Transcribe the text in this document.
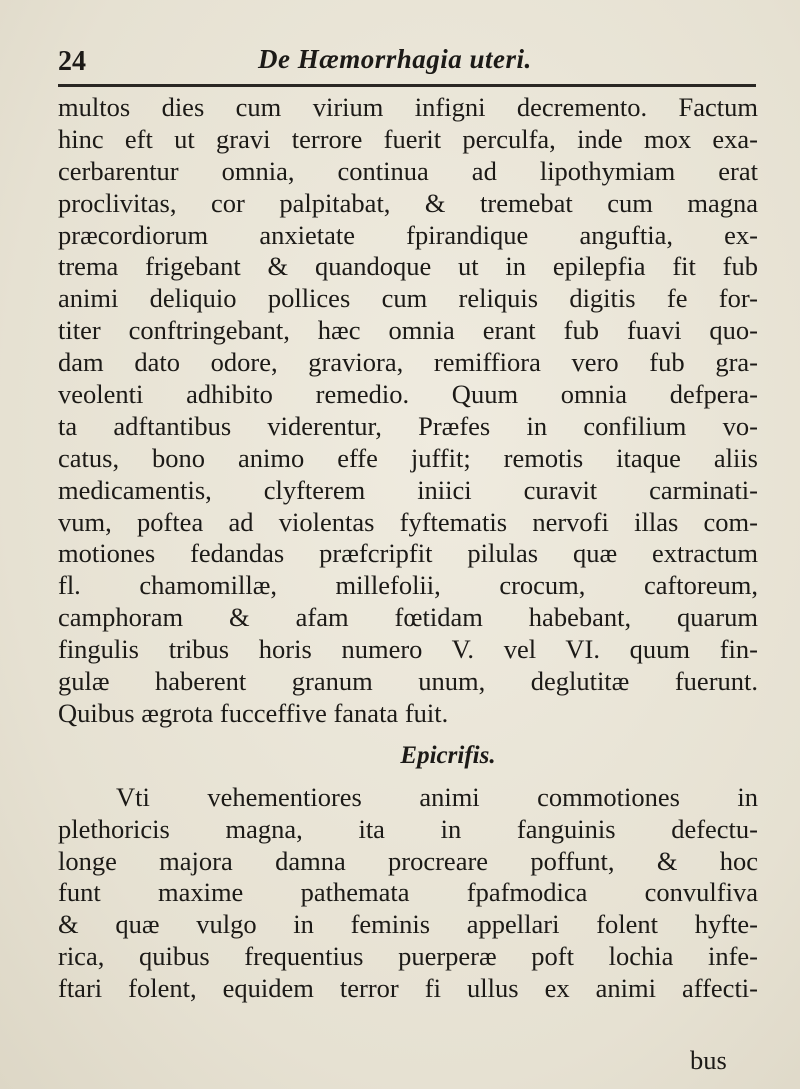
24	De Hæmorrhagia uteri.
multos dies cum virium infigni decremento. Factum
hinc eft ut gravi terrore fuerit perculfa, inde mox exa-
cerbarentur omnia, continua ad lipothymiam erat
proclivitas, cor palpitabat, & tremebat cum magna
præcordiorum anxietate fpirandique anguftia, ex-
trema frigebant & quandoque ut in epilepfia fit fub
animi deliquio pollices cum reliquis digitis fe for-
titer conftringebant, hæc omnia erant fub fuavi quo-
dam dato odore, graviora, remiffiora vero fub gra-
veolenti adhibito remedio. Quum omnia defpera-
ta adftantibus viderentur, Præfes in confilium vo-
catus, bono animo effe juffit; remotis itaque aliis
medicamentis, clyfterem iniici curavit carminati-
vum, poftea ad violentas fyftematis nervofi illas com-
motiones fedandas præfcripfit pilulas quæ extractum
fl. chamomillæ, millefolii, crocum, caftoreum,
camphoram & afam fœtidam habebant, quarum
fingulis tribus horis numero V. vel VI. quum fin-
gulæ haberent granum unum, deglutitæ fuerunt.
Quibus ægrota fucceffive fanata fuit.
Epicrifis.
Vti vehementiores animi commotiones in
plethoricis magna, ita in fanguinis defectu-
longe majora damna procreare poffunt, & hoc
funt maxime pathemata fpafmodica convulfiva
& quæ vulgo in feminis appellari folent hyfte-
rica, quibus frequentius puerperæ poft lochia infe-
ftari folent, equidem terror fi ullus ex animi affecti-
bus
